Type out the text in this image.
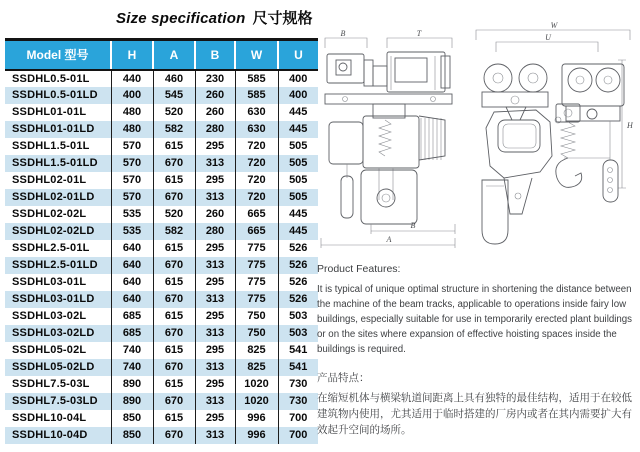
Size specification 尺寸规格
Model 型号	H	A	B	W	U
SSDHL0.5-01L	440	460	230	585	400
SSDHL0.5-01LD	400	545	260	585	400
SSDHL01-01L	480	520	260	630	445
SSDHL01-01LD	480	582	280	630	445
SSDHL1.5-01L	570	615	295	720	505
SSDHL1.5-01LD	570	670	313	720	505
SSDHL02-01L	570	615	295	720	505
SSDHL02-01LD	570	670	313	720	505
SSDHL02-02L	535	520	260	665	445
SSDHL02-02LD	535	582	280	665	445
SSDHL2.5-01L	640	615	295	775	526
SSDHL2.5-01LD	640	670	313	775	526
SSDHL03-01L	640	615	295	775	526
SSDHL03-01LD	640	670	313	775	526
SSDHL03-02L	685	615	295	750	503
SSDHL03-02LD	685	670	313	750	503
SSDHL05-02L	740	615	295	825	541
SSDHL05-02LD	740	670	313	825	541
SSDHL7.5-03L	890	615	295	1020	730
SSDHL7.5-03LD	890	670	313	1020	730
SSDHL10-04L	850	615	295	996	700
SSDHL10-04D	850	670	313	996	700
B	T
B
A
W
U
H
Product Features:
It is typical of unique optimal structure in shortening the distance between the machine of the beam tracks, applicable to operations inside fairy low buildings, especially suitable for use in temporarily erected plant buildings or on the sites where expansion of effective hoisting spaces inside the buildings is required.
产品特点：
在缩短机体与横梁轨道间距离上具有独特的最佳结构，适用于在较低建筑物内使用，尤其适用于临时搭建的厂房内或者在其内需要扩大有效起升空间的场所。
